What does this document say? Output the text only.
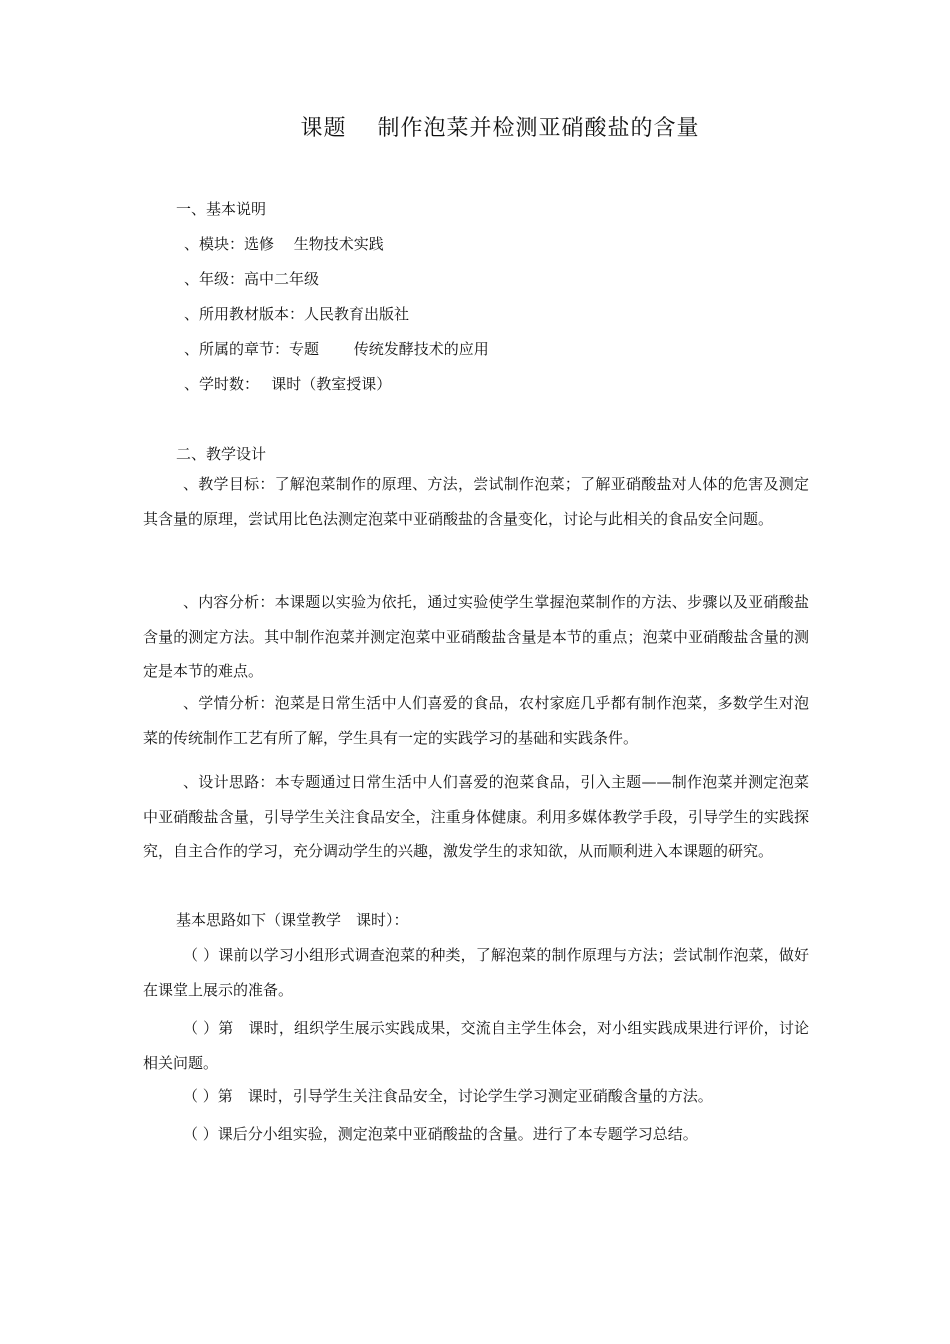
课题　 制作泡菜并检测亚硝酸盐的含量
一、基本说明
、模块：选修　 生物技术实践
、年级：高中二年级
、所用教材版本：人民教育出版社
、所属的章节：专题　　 传统发酵技术的应用
、学时数：　 课时（教室授课）
二、教学设计
、教学目标：了解泡菜制作的原理、方法，尝试制作泡菜；了解亚硝酸盐对人体的危害及测定其含量的原理，尝试用比色法测定泡菜中亚硝酸盐的含量变化，讨论与此相关的食品安全问题。
、内容分析：本课题以实验为依托，通过实验使学生掌握泡菜制作的方法、步骤以及亚硝酸盐含量的测定方法。其中制作泡菜并测定泡菜中亚硝酸盐含量是本节的重点；泡菜中亚硝酸盐含量的测定是本节的难点。
、学情分析：泡菜是日常生活中人们喜爱的食品，农村家庭几乎都有制作泡菜，多数学生对泡菜的传统制作工艺有所了解，学生具有一定的实践学习的基础和实践条件。
、设计思路：本专题通过日常生活中人们喜爱的泡菜食品，引入主题——制作泡菜并测定泡菜中亚硝酸盐含量，引导学生关注食品安全，注重身体健康。利用多媒体教学手段，引导学生的实践探究，自主合作的学习，充分调动学生的兴趣，激发学生的求知欲，从而顺利进入本课题的研究。
基本思路如下（课堂教学　课时）：
（ ）课前以学习小组形式调查泡菜的种类，了解泡菜的制作原理与方法；尝试制作泡菜，做好在课堂上展示的准备。
（ ）第　课时，组织学生展示实践成果，交流自主学生体会，对小组实践成果进行评价，讨论相关问题。
（ ）第　课时，引导学生关注食品安全，讨论学生学习测定亚硝酸含量的方法。
（ ）课后分小组实验，测定泡菜中亚硝酸盐的含量。进行了本专题学习总结。
